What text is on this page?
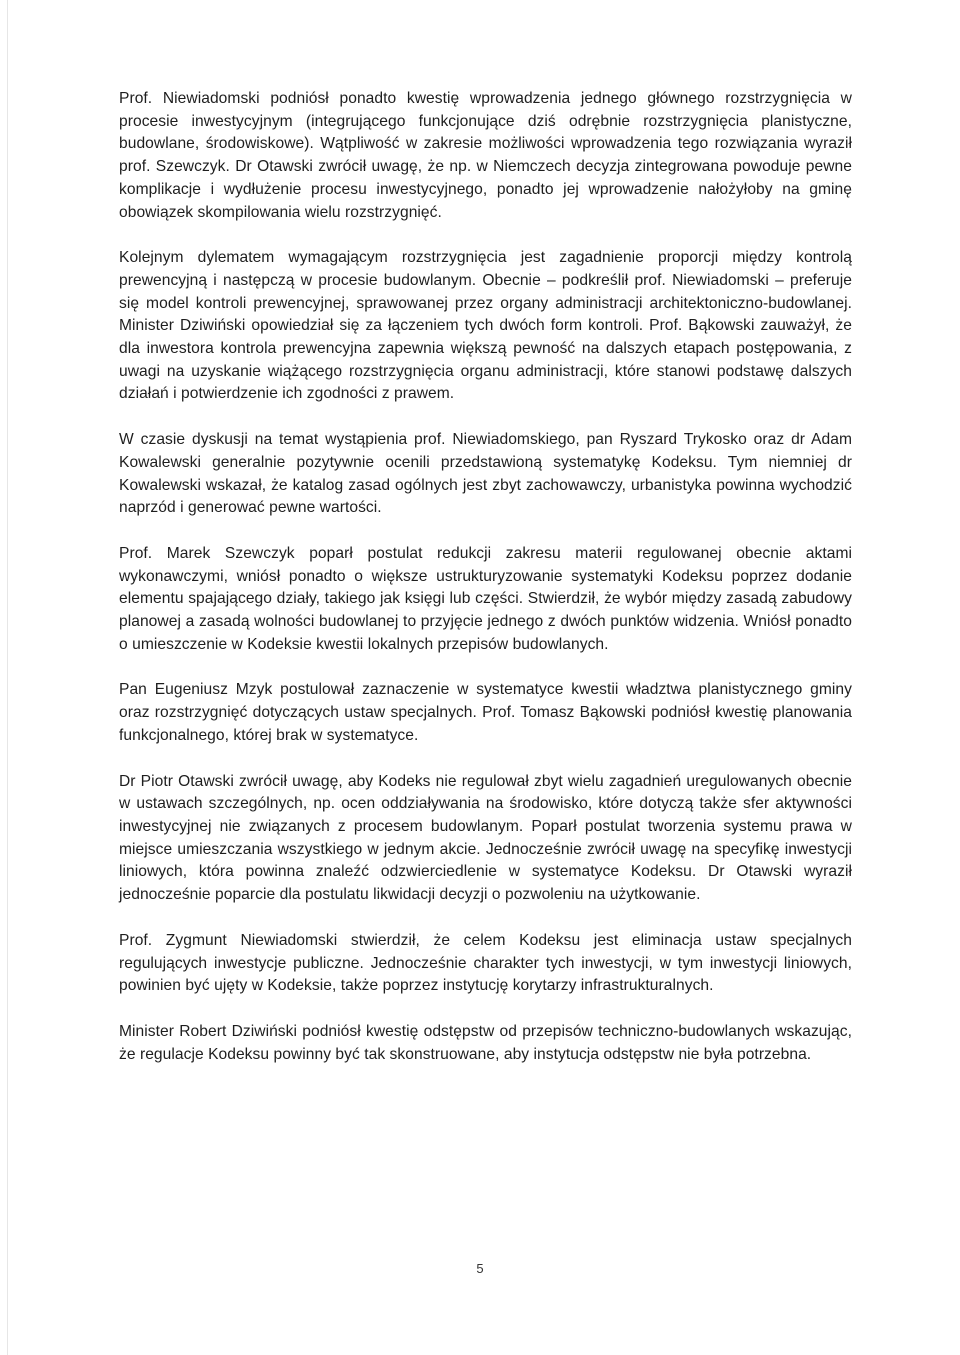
Prof. Niewiadomski podniósł ponadto kwestię wprowadzenia jednego głównego rozstrzygnięcia w procesie inwestycyjnym (integrującego funkcjonujące dziś odrębnie rozstrzygnięcia planistyczne, budowlane, środowiskowe). Wątpliwość w zakresie możliwości wprowadzenia tego rozwiązania wyraził prof. Szewczyk. Dr Otawski zwrócił uwagę, że np. w Niemczech decyzja zintegrowana powoduje pewne komplikacje i wydłużenie procesu inwestycyjnego, ponadto jej wprowadzenie nałożyłoby na gminę obowiązek skompilowania wielu rozstrzygnięć.

Kolejnym dylematem wymagającym rozstrzygnięcia jest zagadnienie proporcji między kontrolą prewencyjną i następczą w procesie budowlanym. Obecnie – podkreślił prof. Niewiadomski – preferuje się model kontroli prewencyjnej, sprawowanej przez organy administracji architektoniczno-budowlanej. Minister Dziwiński opowiedział się za łączeniem tych dwóch form kontroli. Prof. Bąkowski zauważył, że dla inwestora kontrola prewencyjna zapewnia większą pewność na dalszych etapach postępowania, z uwagi na uzyskanie wiążącego rozstrzygnięcia organu administracji, które stanowi podstawę dalszych działań i potwierdzenie ich zgodności z prawem.

W czasie dyskusji na temat wystąpienia prof. Niewiadomskiego, pan Ryszard Trykosko oraz dr Adam Kowalewski generalnie pozytywnie ocenili przedstawioną systematykę Kodeksu. Tym niemniej dr Kowalewski wskazał, że katalog zasad ogólnych jest zbyt zachowawczy, urbanistyka powinna wychodzić naprzód i generować pewne wartości.

Prof. Marek Szewczyk poparł postulat redukcji zakresu materii regulowanej obecnie aktami wykonawczymi, wniósł ponadto o większe ustrukturyzowanie systematyki Kodeksu poprzez dodanie elementu spajającego działy, takiego jak księgi lub części. Stwierdził, że wybór między zasadą zabudowy planowej a zasadą wolności budowlanej to przyjęcie jednego z dwóch punktów widzenia. Wniósł ponadto o umieszczenie w Kodeksie kwestii lokalnych przepisów budowlanych.

Pan Eugeniusz Mzyk postulował zaznaczenie w systematyce kwestii władztwa planistycznego gminy oraz rozstrzygnięć dotyczących ustaw specjalnych. Prof. Tomasz Bąkowski podniósł kwestię planowania funkcjonalnego, której brak w systematyce.

Dr Piotr Otawski zwrócił uwagę, aby Kodeks nie regulował zbyt wielu zagadnień uregulowanych obecnie w ustawach szczególnych, np. ocen oddziaływania na środowisko, które dotyczą także sfer aktywności inwestycyjnej nie związanych z procesem budowlanym. Poparł postulat tworzenia systemu prawa w miejsce umieszczania wszystkiego w jednym akcie. Jednocześnie zwrócił uwagę na specyfikę inwestycji liniowych, która powinna znaleźć odzwierciedlenie w systematyce Kodeksu. Dr Otawski wyraził jednocześnie poparcie dla postulatu likwidacji decyzji o pozwoleniu na użytkowanie.

Prof. Zygmunt Niewiadomski stwierdził, że celem Kodeksu jest eliminacja ustaw specjalnych regulujących inwestycje publiczne. Jednocześnie charakter tych inwestycji, w tym inwestycji liniowych, powinien być ujęty w Kodeksie, także poprzez instytucję korytarzy infrastrukturalnych.

Minister Robert Dziwiński podniósł kwestię odstępstw od przepisów techniczno-budowlanych wskazując, że regulacje Kodeksu powinny być tak skonstruowane, aby instytucja odstępstw nie była potrzebna.

5
